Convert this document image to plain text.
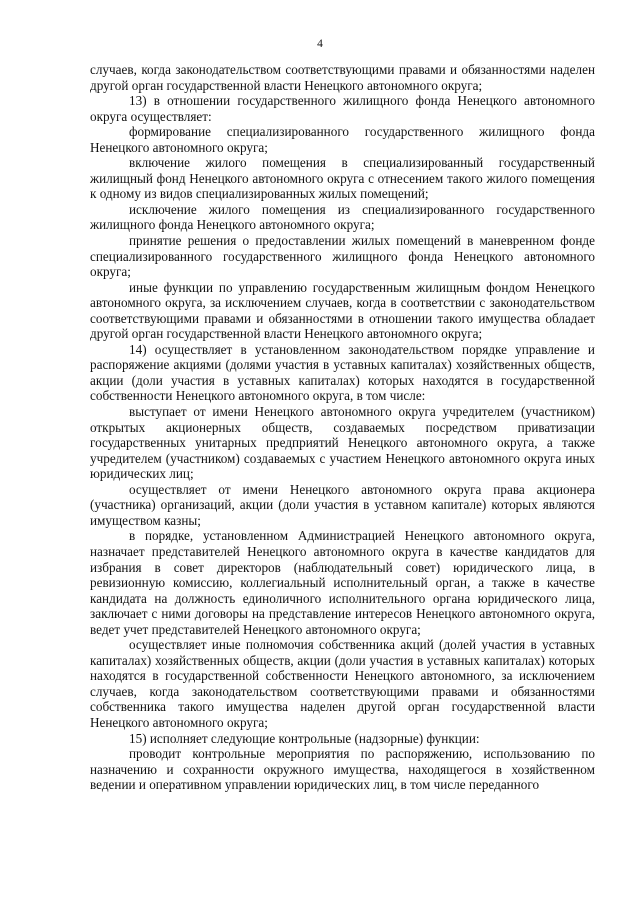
4

случаев, когда законодательством соответствующими правами и обязанностями наделен другой орган государственной власти Ненецкого автономного округа;

13) в отношении государственного жилищного фонда Ненецкого автономного округа осуществляет:

формирование специализированного государственного жилищного фонда Ненецкого автономного округа;

включение жилого помещения в специализированный государственный жилищный фонд Ненецкого автономного округа с отнесением такого жилого помещения к одному из видов специализированных жилых помещений;

исключение жилого помещения из специализированного государственного жилищного фонда Ненецкого автономного округа;

принятие решения о предоставлении жилых помещений в маневренном фонде специализированного государственного жилищного фонда Ненецкого автономного округа;

иные функции по управлению государственным жилищным фондом Ненецкого автономного округа, за исключением случаев, когда в соответствии с законодательством соответствующими правами и обязанностями в отношении такого имущества обладает другой орган государственной власти Ненецкого автономного округа;

14) осуществляет в установленном законодательством порядке управление и распоряжение акциями (долями участия в уставных капиталах) хозяйственных обществ, акции (доли участия в уставных капиталах) которых находятся в государственной собственности Ненецкого автономного округа, в том числе:

выступает от имени Ненецкого автономного округа учредителем (участником) открытых акционерных обществ, создаваемых посредством приватизации государственных унитарных предприятий Ненецкого автономного округа, а также учредителем (участником) создаваемых с участием Ненецкого автономного округа иных юридических лиц;

осуществляет от имени Ненецкого автономного округа права акционера (участника) организаций, акции (доли участия в уставном капитале) которых являются имуществом казны;

в порядке, установленном Администрацией Ненецкого автономного округа, назначает представителей Ненецкого автономного округа в качестве кандидатов для избрания в совет директоров (наблюдательный совет) юридического лица, в ревизионную комиссию, коллегиальный исполнительный орган, а также в качестве кандидата на должность единоличного исполнительного органа юридического лица, заключает с ними договоры на представление интересов Ненецкого автономного округа, ведет учет представителей Ненецкого автономного округа;

осуществляет иные полномочия собственника акций (долей участия в уставных капиталах) хозяйственных обществ, акции (доли участия в уставных капиталах) которых находятся в государственной собственности Ненецкого автономного, за исключением случаев, когда законодательством соответствующими правами и обязанностями собственника такого имущества наделен другой орган государственной власти Ненецкого автономного округа;

15) исполняет следующие контрольные (надзорные) функции:

проводит контрольные мероприятия по распоряжению, использованию по назначению и сохранности окружного имущества, находящегося в хозяйственном ведении и оперативном управлении юридических лиц, в том числе переданного
